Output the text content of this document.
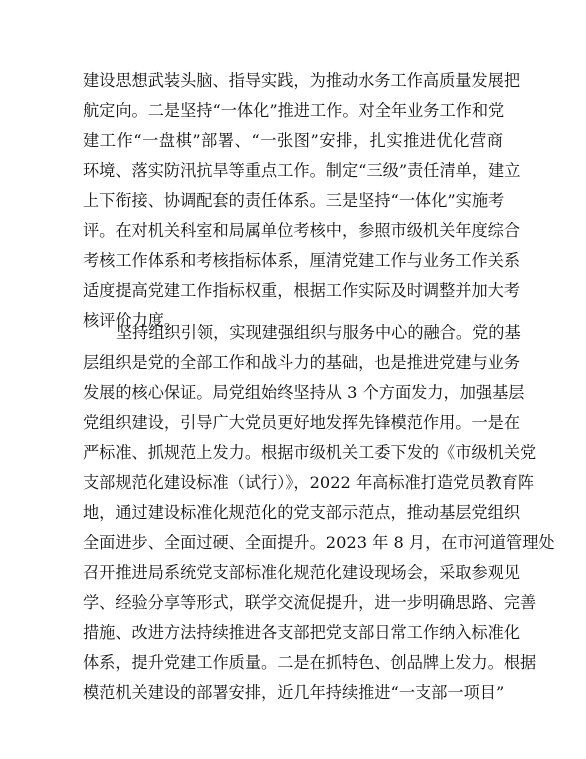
建设思想武装头脑、指导实践，为推动水务工作高质量发展把
航定向。二是坚持“一体化”推进工作。对全年业务工作和党
建工作“一盘棋”部署、“一张图”安排，扎实推进优化营商
环境、落实防汛抗旱等重点工作。制定“三级”责任清单，建立
上下衔接、协调配套的责任体系。三是坚持“一体化”实施考
评。在对机关科室和局属单位考核中，参照市级机关年度综合
考核工作体系和考核指标体系，厘清党建工作与业务工作关系
适度提高党建工作指标权重，根据工作实际及时调整并加大考
核评价力度。
坚持组织引领，实现建强组织与服务中心的融合。党的基
层组织是党的全部工作和战斗力的基础，也是推进党建与业务
发展的核心保证。局党组始终坚持从 3 个方面发力，加强基层
党组织建设，引导广大党员更好地发挥先锋模范作用。一是在
严标准、抓规范上发力。根据市级机关工委下发的《市级机关党
支部规范化建设标准（试行）》，2022 年高标准打造党员教育阵
地，通过建设标准化规范化的党支部示范点，推动基层党组织
全面进步、全面过硬、全面提升。2023 年 8 月，在市河道管理处
召开推进局系统党支部标准化规范化建设现场会，采取参观见
学、经验分享等形式，联学交流促提升，进一步明确思路、完善
措施、改进方法持续推进各支部把党支部日常工作纳入标准化
体系，提升党建工作质量。二是在抓特色、创品牌上发力。根据
模范机关建设的部署安排，近几年持续推进“一支部一项目”
